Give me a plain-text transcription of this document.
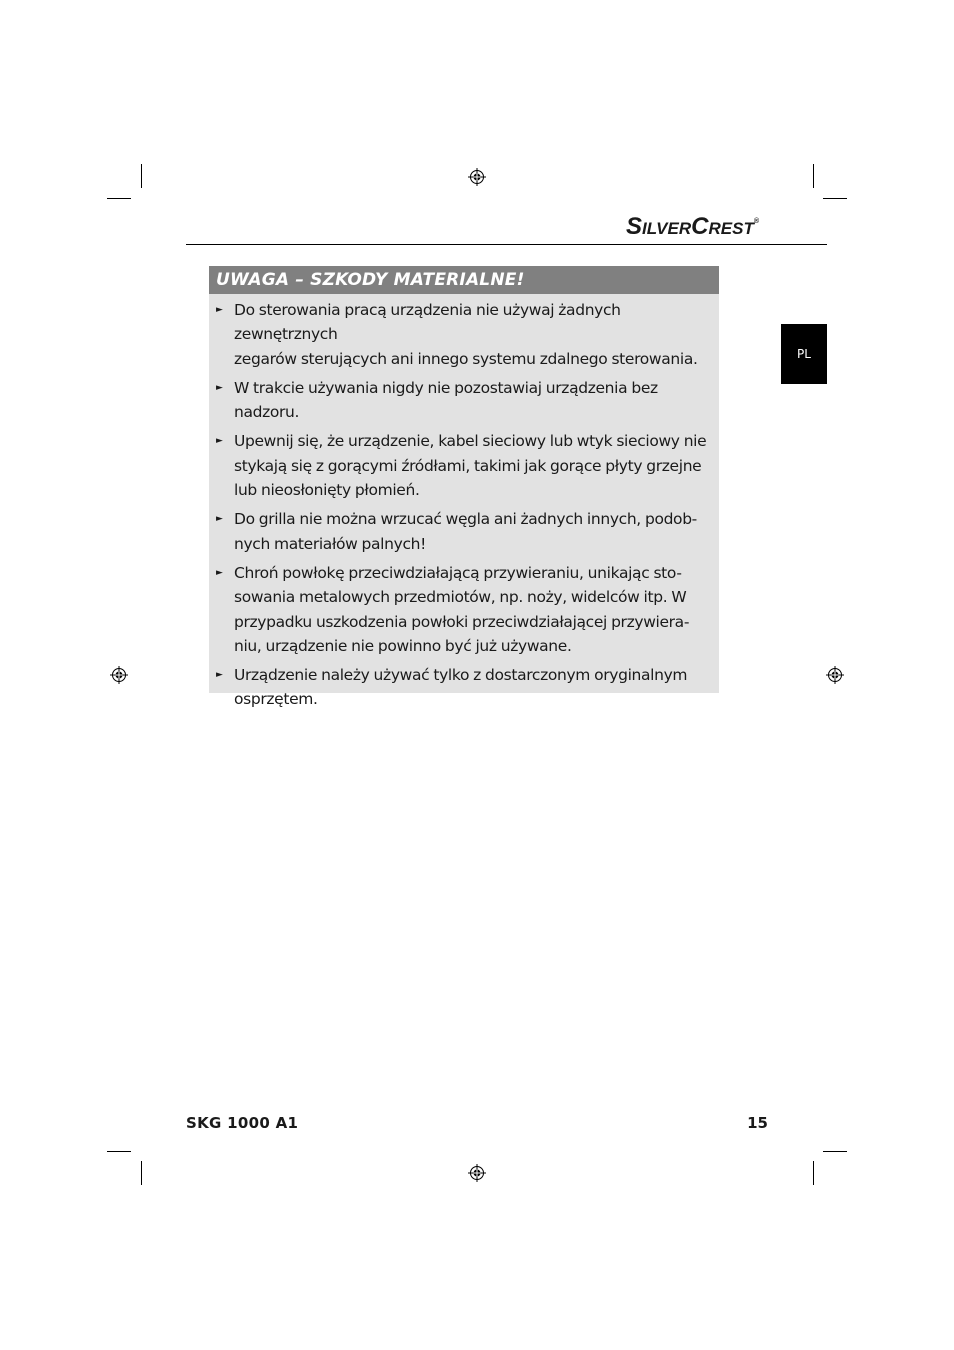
SILVERCREST®
PL
UWAGA – SZKODY MATERIALNE!
► Do sterowania pracą urządzenia nie używaj żadnych zewnętrznych
zegarów sterujących ani innego systemu zdalnego sterowania.
► W trakcie używania nigdy nie pozostawiaj urządzenia bez
nadzoru.
► Upewnij się, że urządzenie, kabel sieciowy lub wtyk sieciowy nie
stykają się z gorącymi źródłami, takimi jak gorące płyty grzejne
lub nieosłonięty płomień.
► Do grilla nie można wrzucać węgla ani żadnych innych, podob-
nych materiałów palnych!
► Chroń powłokę przeciwdziałającą przywieraniu, unikając sto-
sowania metalowych przedmiotów, np. noży, widelców itp. W
przypadku uszkodzenia powłoki przeciwdziałającej przywiera-
niu, urządzenie nie powinno być już używane.
► Urządzenie należy używać tylko z dostarczonym oryginalnym
osprzętem.
SKG 1000 A1	15
